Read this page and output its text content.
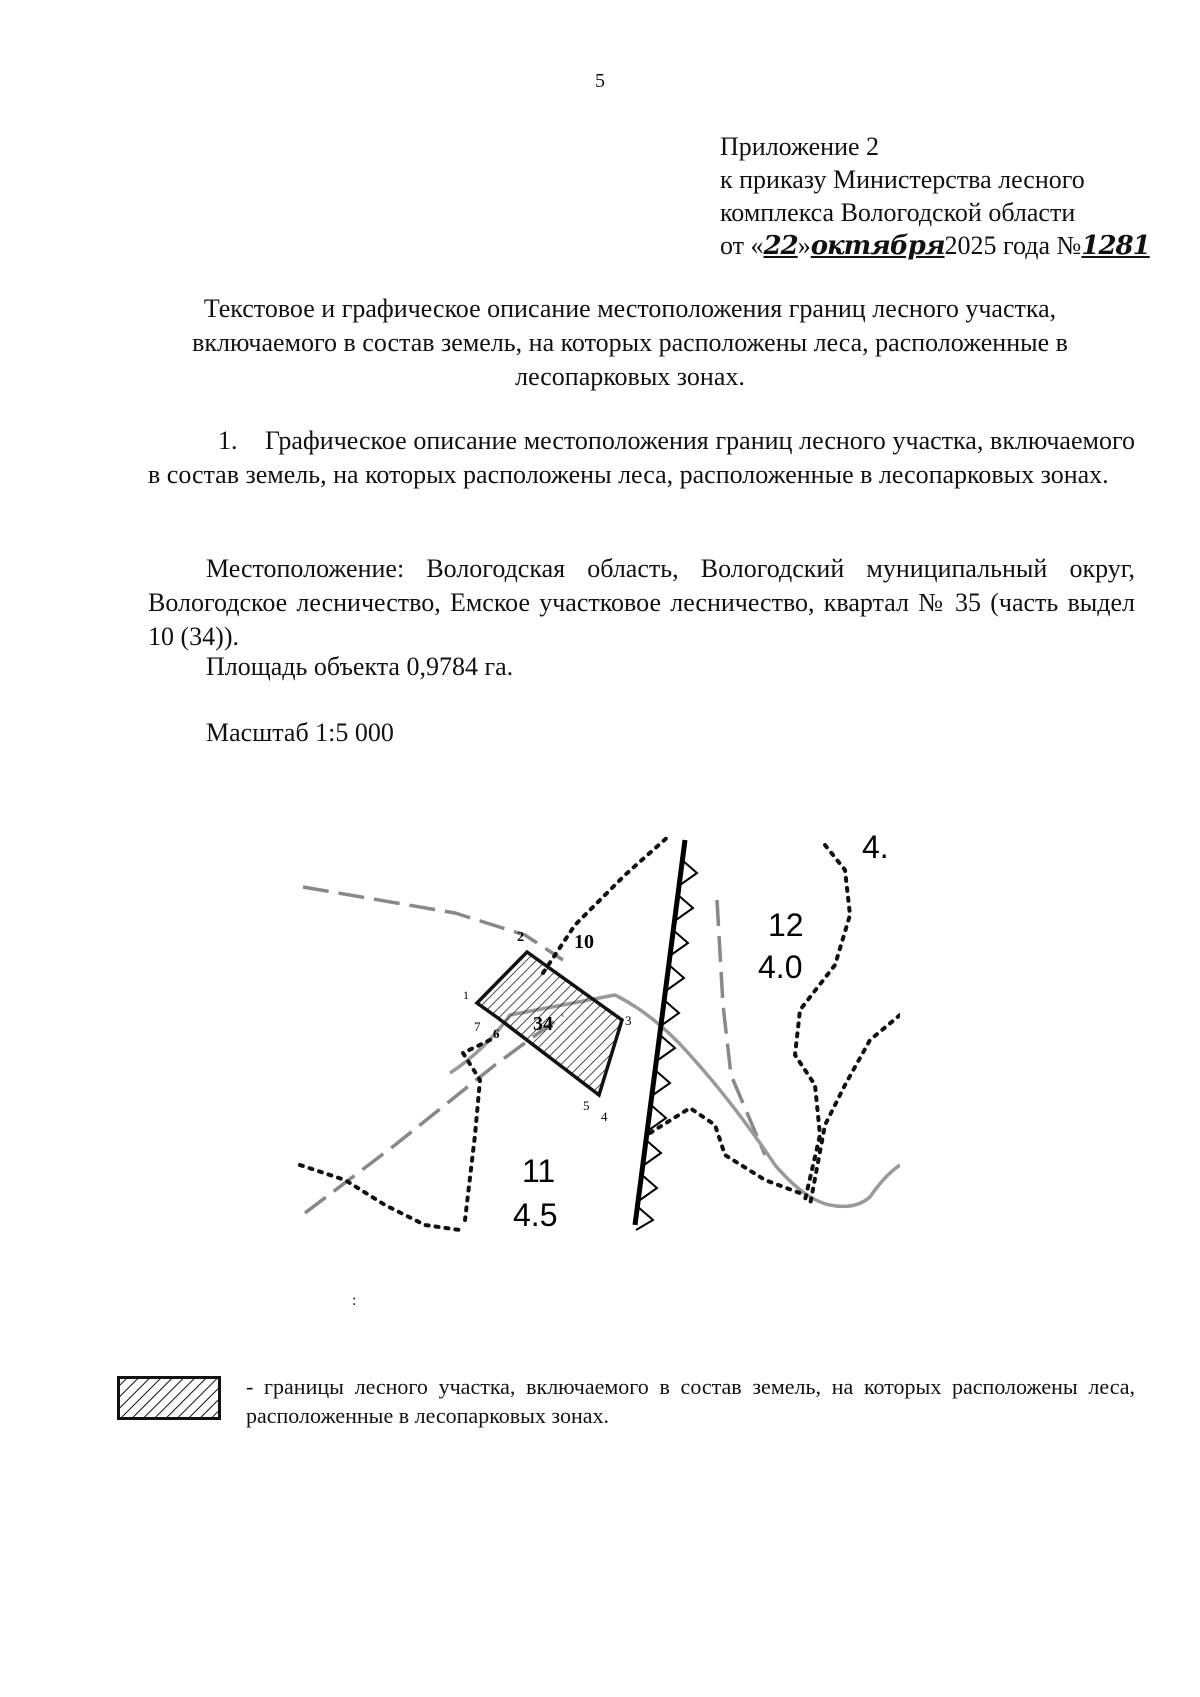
5
Приложение 2
к приказу Министерства лесного
комплекса Вологодской области
от «22»октября2025 года №1281
Текстовое и графическое описание местоположения границ лесного участка, включаемого в состав земель, на которых расположены леса, расположенные в лесопарковых зонах.
1. Графическое описание местоположения границ лесного участка, включаемого в состав земель, на которых расположены леса, расположенные в лесопарковых зонах.
Местоположение: Вологодская область, Вологодский муниципальный округ, Вологодское лесничество, Емское участковое лесничество, квартал № 35 (часть выдел 10 (34)).
Площадь объекта 0,9784 га.
Масштаб 1:5 000
1
2
3
4
5
6
7	34
10	12
4.0
11
4.5
4.
:
- границы лесного участка, включаемого в состав земель, на которых расположены леса, расположенные в лесопарковых зонах.
